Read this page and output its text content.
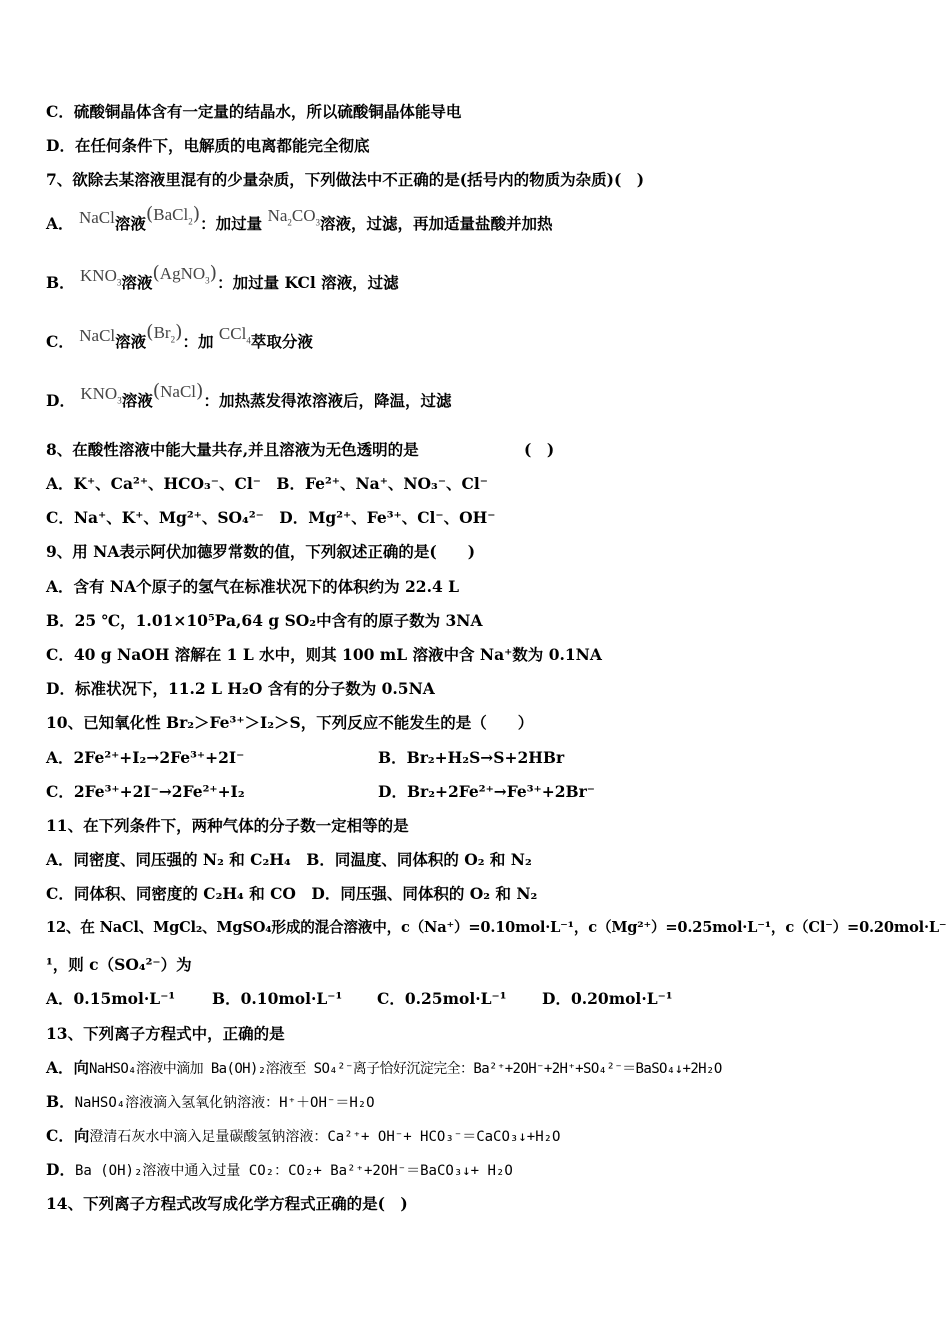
C．硫酸铜晶体含有一定量的结晶水，所以硫酸铜晶体能导电
D．在任何条件下，电解质的电离都能完全彻底
7、欲除去某溶液里混有的少量杂质，下列做法中不正确的是(括号内的物质为杂质)(　)
A． NaCl溶液(BaCl$_2$)：加过量 $Na_2CO_3$溶液，过滤，再加适量盐酸并加热
B． $KNO_3$溶液(AgNO$_3$)：加过量 KCl 溶液，过滤
C． NaCl溶液$(Br_2)$：加 CCl$_4$萃取分液
D． $KNO_3$溶液(NaCl)：加热蒸发得浓溶液后，降温，过滤
8、在酸性溶液中能大量共存,并且溶液为无色透明的是	(　)
A．K⁺、Ca²⁺、HCO₃⁻、Cl⁻　B．Fe²⁺、Na⁺、NO₃⁻、Cl⁻
C．Na⁺、K⁺、Mg²⁺、SO₄²⁻　D．Mg²⁺、Fe³⁺、Cl⁻、OH⁻
9、用 NA表示阿伏加德罗常数的值，下列叙述正确的是(　　)
A．含有 NA个原子的氢气在标准状况下的体积约为 22.4 L
B．25 ℃，1.01×10⁵Pa,64 g SO₂中含有的原子数为 3NA
C．40 g NaOH 溶解在 1 L 水中，则其 100 mL 溶液中含 Na⁺数为 0.1NA
D．标准状况下，11.2 L H₂O 含有的分子数为 0.5NA
10、已知氧化性 Br₂＞Fe³⁺＞I₂＞S，下列反应不能发生的是（　　）
A．2Fe²⁺+I₂→2Fe³⁺+2I⁻	B．Br₂+H₂S→S+2HBr
C．2Fe³⁺+2I⁻→2Fe²⁺+I₂	D．Br₂+2Fe²⁺→Fe³⁺+2Br⁻
11、在下列条件下，两种气体的分子数一定相等的是
A．同密度、同压强的 N₂ 和 C₂H₄　B．同温度、同体积的 O₂ 和 N₂
C．同体积、同密度的 C₂H₄ 和 CO　D．同压强、同体积的 O₂ 和 N₂
12、在 NaCl、MgCl₂、MgSO₄形成的混合溶液中，c（Na⁺）=0.10mol·L⁻¹，c（Mg²⁺）=0.25mol·L⁻¹，c（Cl⁻）=0.20mol·L⁻
¹，则 c（SO₄²⁻）为
A．0.15mol·L⁻¹ B．0.10mol·L⁻¹ C．0.25mol·L⁻¹ D．0.20mol·L⁻¹
13、下列离子方程式中，正确的是
A．向NaHSO₄溶液中滴加 Ba(OH)₂溶液至 SO₄²⁻离子恰好沉淀完全：Ba²⁺+2OH⁻+2H⁺+SO₄²⁻＝BaSO₄↓+2H₂O
B．NaHSO₄溶液滴入氢氧化钠溶液：H⁺＋OH⁻＝H₂O
C．向澄清石灰水中滴入足量碳酸氢钠溶液：Ca²⁺+ OH⁻+ HCO₃⁻＝CaCO₃↓+H₂O
D．Ba (OH)₂溶液中通入过量 CO₂：CO₂+ Ba²⁺+2OH⁻＝BaCO₃↓+ H₂O
14、下列离子方程式改写成化学方程式正确的是(　)
